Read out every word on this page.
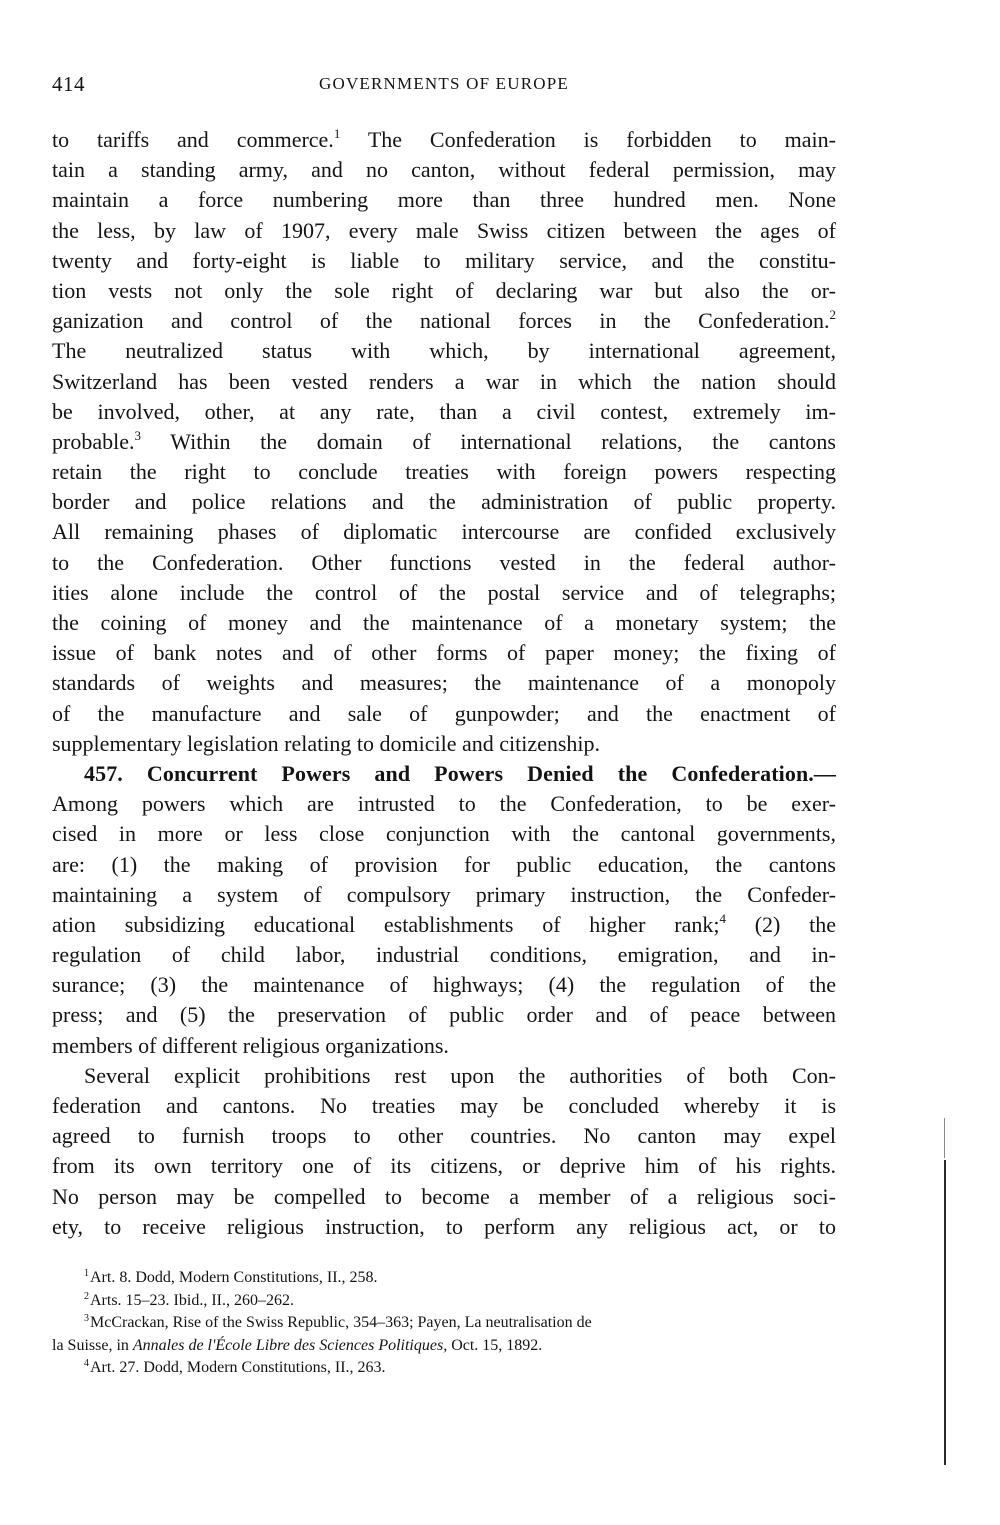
414	GOVERNMENTS OF EUROPE
to tariffs and commerce.$^1$ The Confederation is forbidden to main-
tain a standing army, and no canton, without federal permission, may
maintain a force numbering more than three hundred men. None
the less, by law of 1907, every male Swiss citizen between the ages of
twenty and forty-eight is liable to military service, and the constitu-
tion vests not only the sole right of declaring war but also the or-
ganization and control of the national forces in the Confederation.$^2$
The neutralized status with which, by international agreement,
Switzerland has been vested renders a war in which the nation should
be involved, other, at any rate, than a civil contest, extremely im-
probable.$^3$ Within the domain of international relations, the cantons
retain the right to conclude treaties with foreign powers respecting
border and police relations and the administration of public property.
All remaining phases of diplomatic intercourse are confided exclusively
to the Confederation. Other functions vested in the federal author-
ities alone include the control of the postal service and of telegraphs;
the coining of money and the maintenance of a monetary system; the
issue of bank notes and of other forms of paper money; the fixing of
standards of weights and measures; the maintenance of a monopoly
of the manufacture and sale of gunpowder; and the enactment of
supplementary legislation relating to domicile and citizenship.
457. Concurrent Powers and Powers Denied the Confederation.—
Among powers which are intrusted to the Confederation, to be exer-
cised in more or less close conjunction with the cantonal governments,
are: (1) the making of provision for public education, the cantons
maintaining a system of compulsory primary instruction, the Confeder-
ation subsidizing educational establishments of higher rank;$^4$ (2) the
regulation of child labor, industrial conditions, emigration, and in-
surance; (3) the maintenance of highways; (4) the regulation of the
press; and (5) the preservation of public order and of peace between
members of different religious organizations.
Several explicit prohibitions rest upon the authorities of both Con-
federation and cantons. No treaties may be concluded whereby it is
agreed to furnish troops to other countries. No canton may expel
from its own territory one of its citizens, or deprive him of his rights.
No person may be compelled to become a member of a religious soci-
ety, to receive religious instruction, to perform any religious act, or to
$^1$Art. 8. Dodd, Modern Constitutions, II., 258.
$^2$Arts. 15–23. Ibid., II., 260–262.
$^3$McCrackan, Rise of the Swiss Republic, 354–363; Payen, La neutralisation de
la Suisse, in Annales de l'École Libre des Sciences Politiques, Oct. 15, 1892.
$^4$Art. 27. Dodd, Modern Constitutions, II., 263.
